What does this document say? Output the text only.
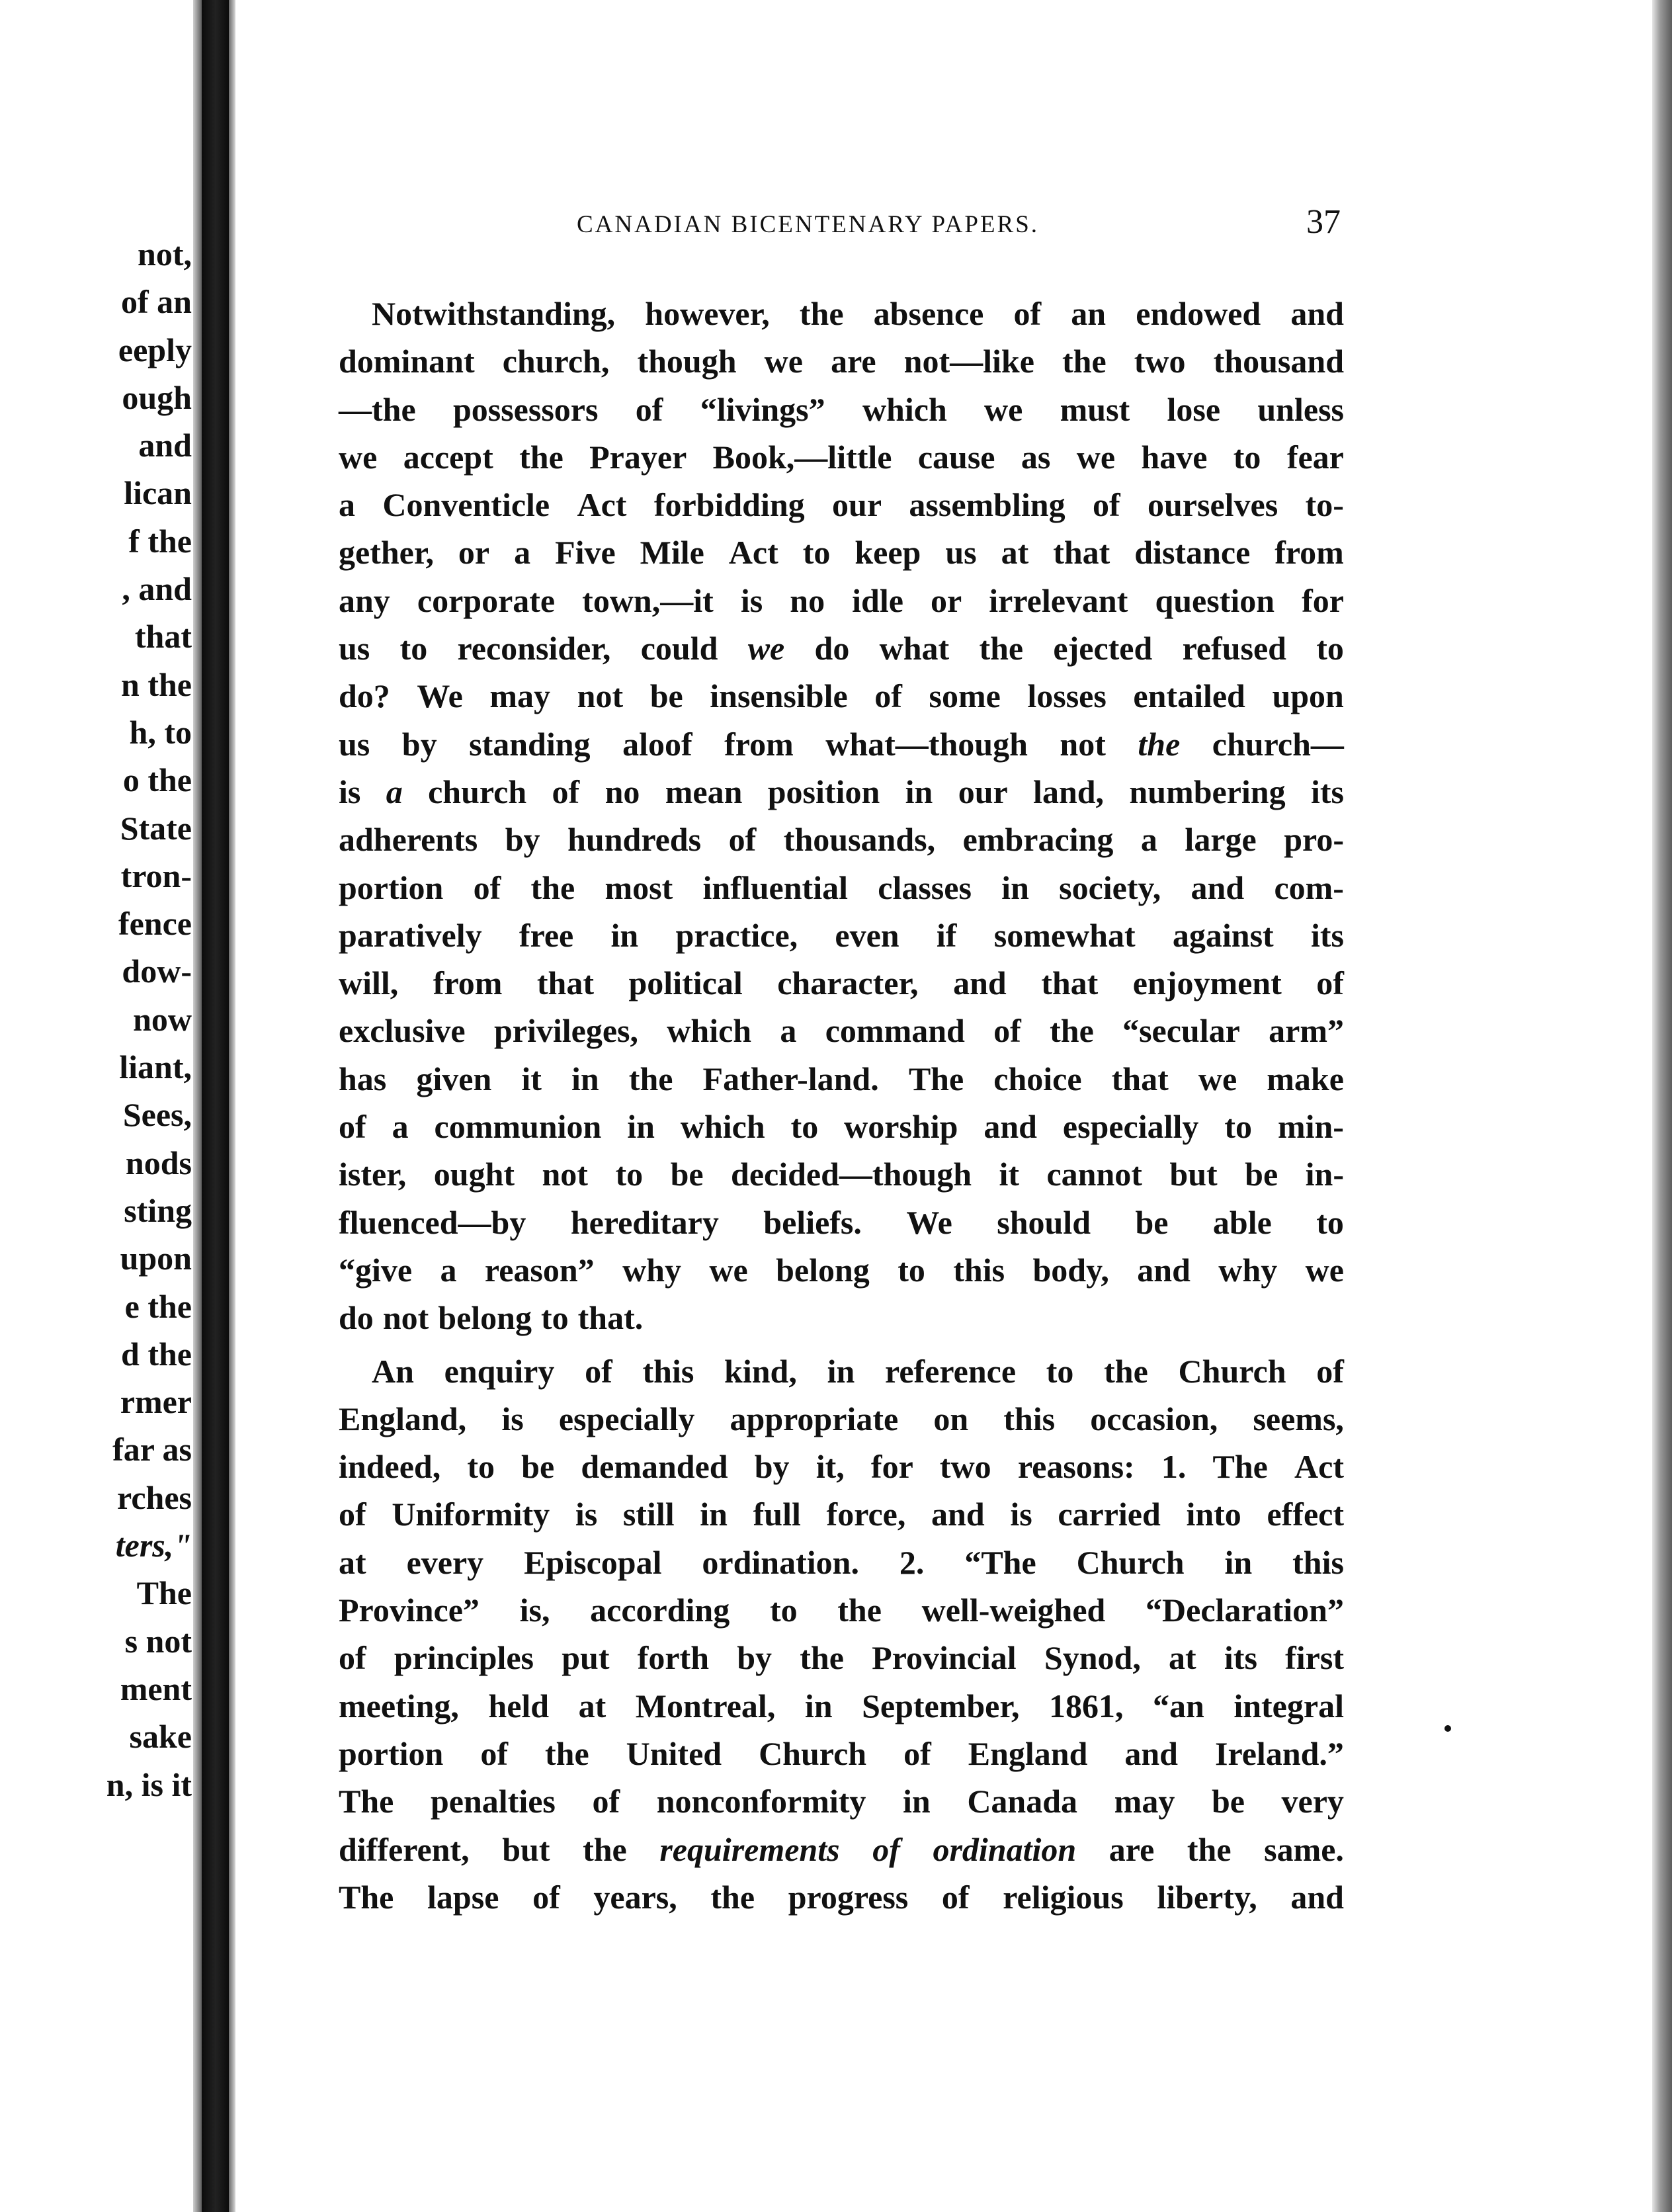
not,
of an
eeply
ough
and
lican
f the
, and
that
n the
h, to
o the
State
tron-
fence
dow-
now
liant,
Sees,
nods
sting
upon
e the
d the
rmer
far as
rches
ters,"
The
s not
ment
sake
n, is it
CANADIAN BICENTENARY PAPERS.	37
Notwithstanding, however, the absence of an endowed and
dominant church, though we are not—like the two thousand
—the possessors of “livings” which we must lose unless
we accept the Prayer Book,—little cause as we have to fear
a Conventicle Act forbidding our assembling of ourselves to-
gether, or a Five Mile Act to keep us at that distance from
any corporate town,—it is no idle or irrelevant question for
us to reconsider, could we do what the ejected refused to
do? We may not be insensible of some losses entailed upon
us by standing aloof from what—though not the church—
is a church of no mean position in our land, numbering its
adherents by hundreds of thousands, embracing a large pro-
portion of the most influential classes in society, and com-
paratively free in practice, even if somewhat against its
will, from that political character, and that enjoyment of
exclusive privileges, which a command of the “secular arm”
has given it in the Father-land. The choice that we make
of a communion in which to worship and especially to min-
ister, ought not to be decided—though it cannot but be in-
fluenced—by hereditary beliefs. We should be able to
“give a reason” why we belong to this body, and why we
do not belong to that.
An enquiry of this kind, in reference to the Church of
England, is especially appropriate on this occasion, seems,
indeed, to be demanded by it, for two reasons: 1. The Act
of Uniformity is still in full force, and is carried into effect
at every Episcopal ordination. 2. “The Church in this
Province” is, according to the well-weighed “Declaration”
of principles put forth by the Provincial Synod, at its first
meeting, held at Montreal, in September, 1861, “an integral
portion of the United Church of England and Ireland.”
The penalties of nonconformity in Canada may be very
different, but the requirements of ordination are the same.
The lapse of years, the progress of religious liberty, and
